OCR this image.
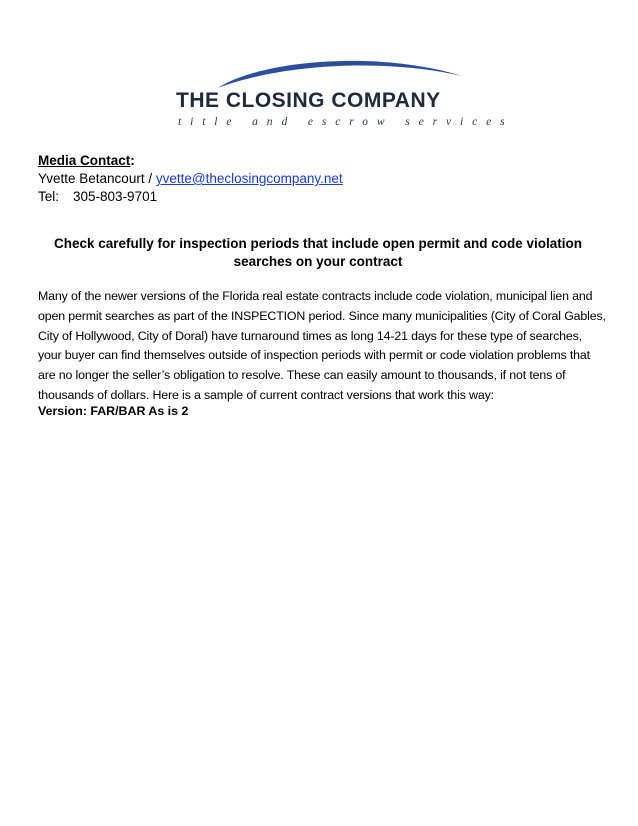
THE CLOSING COMPANY
title and escrow services
Media Contact:
Yvette Betancourt / yvette@theclosingcompany.net
Tel: 305-803-9701
Check carefully for inspection periods that include open permit and code violation searches on your contract
Many of the newer versions of the Florida real estate contracts include code violation, municipal lien and open permit searches as part of the INSPECTION period. Since many municipalities (City of Coral Gables, City of Hollywood, City of Doral) have turnaround times as long 14-21 days for these type of searches, your buyer can find themselves outside of inspection periods with permit or code violation problems that are no longer the seller’s obligation to resolve. These can easily amount to thousands, if not tens of thousands of dollars. Here is a sample of current contract versions that work this way:
Version: FAR/BAR As is 2
